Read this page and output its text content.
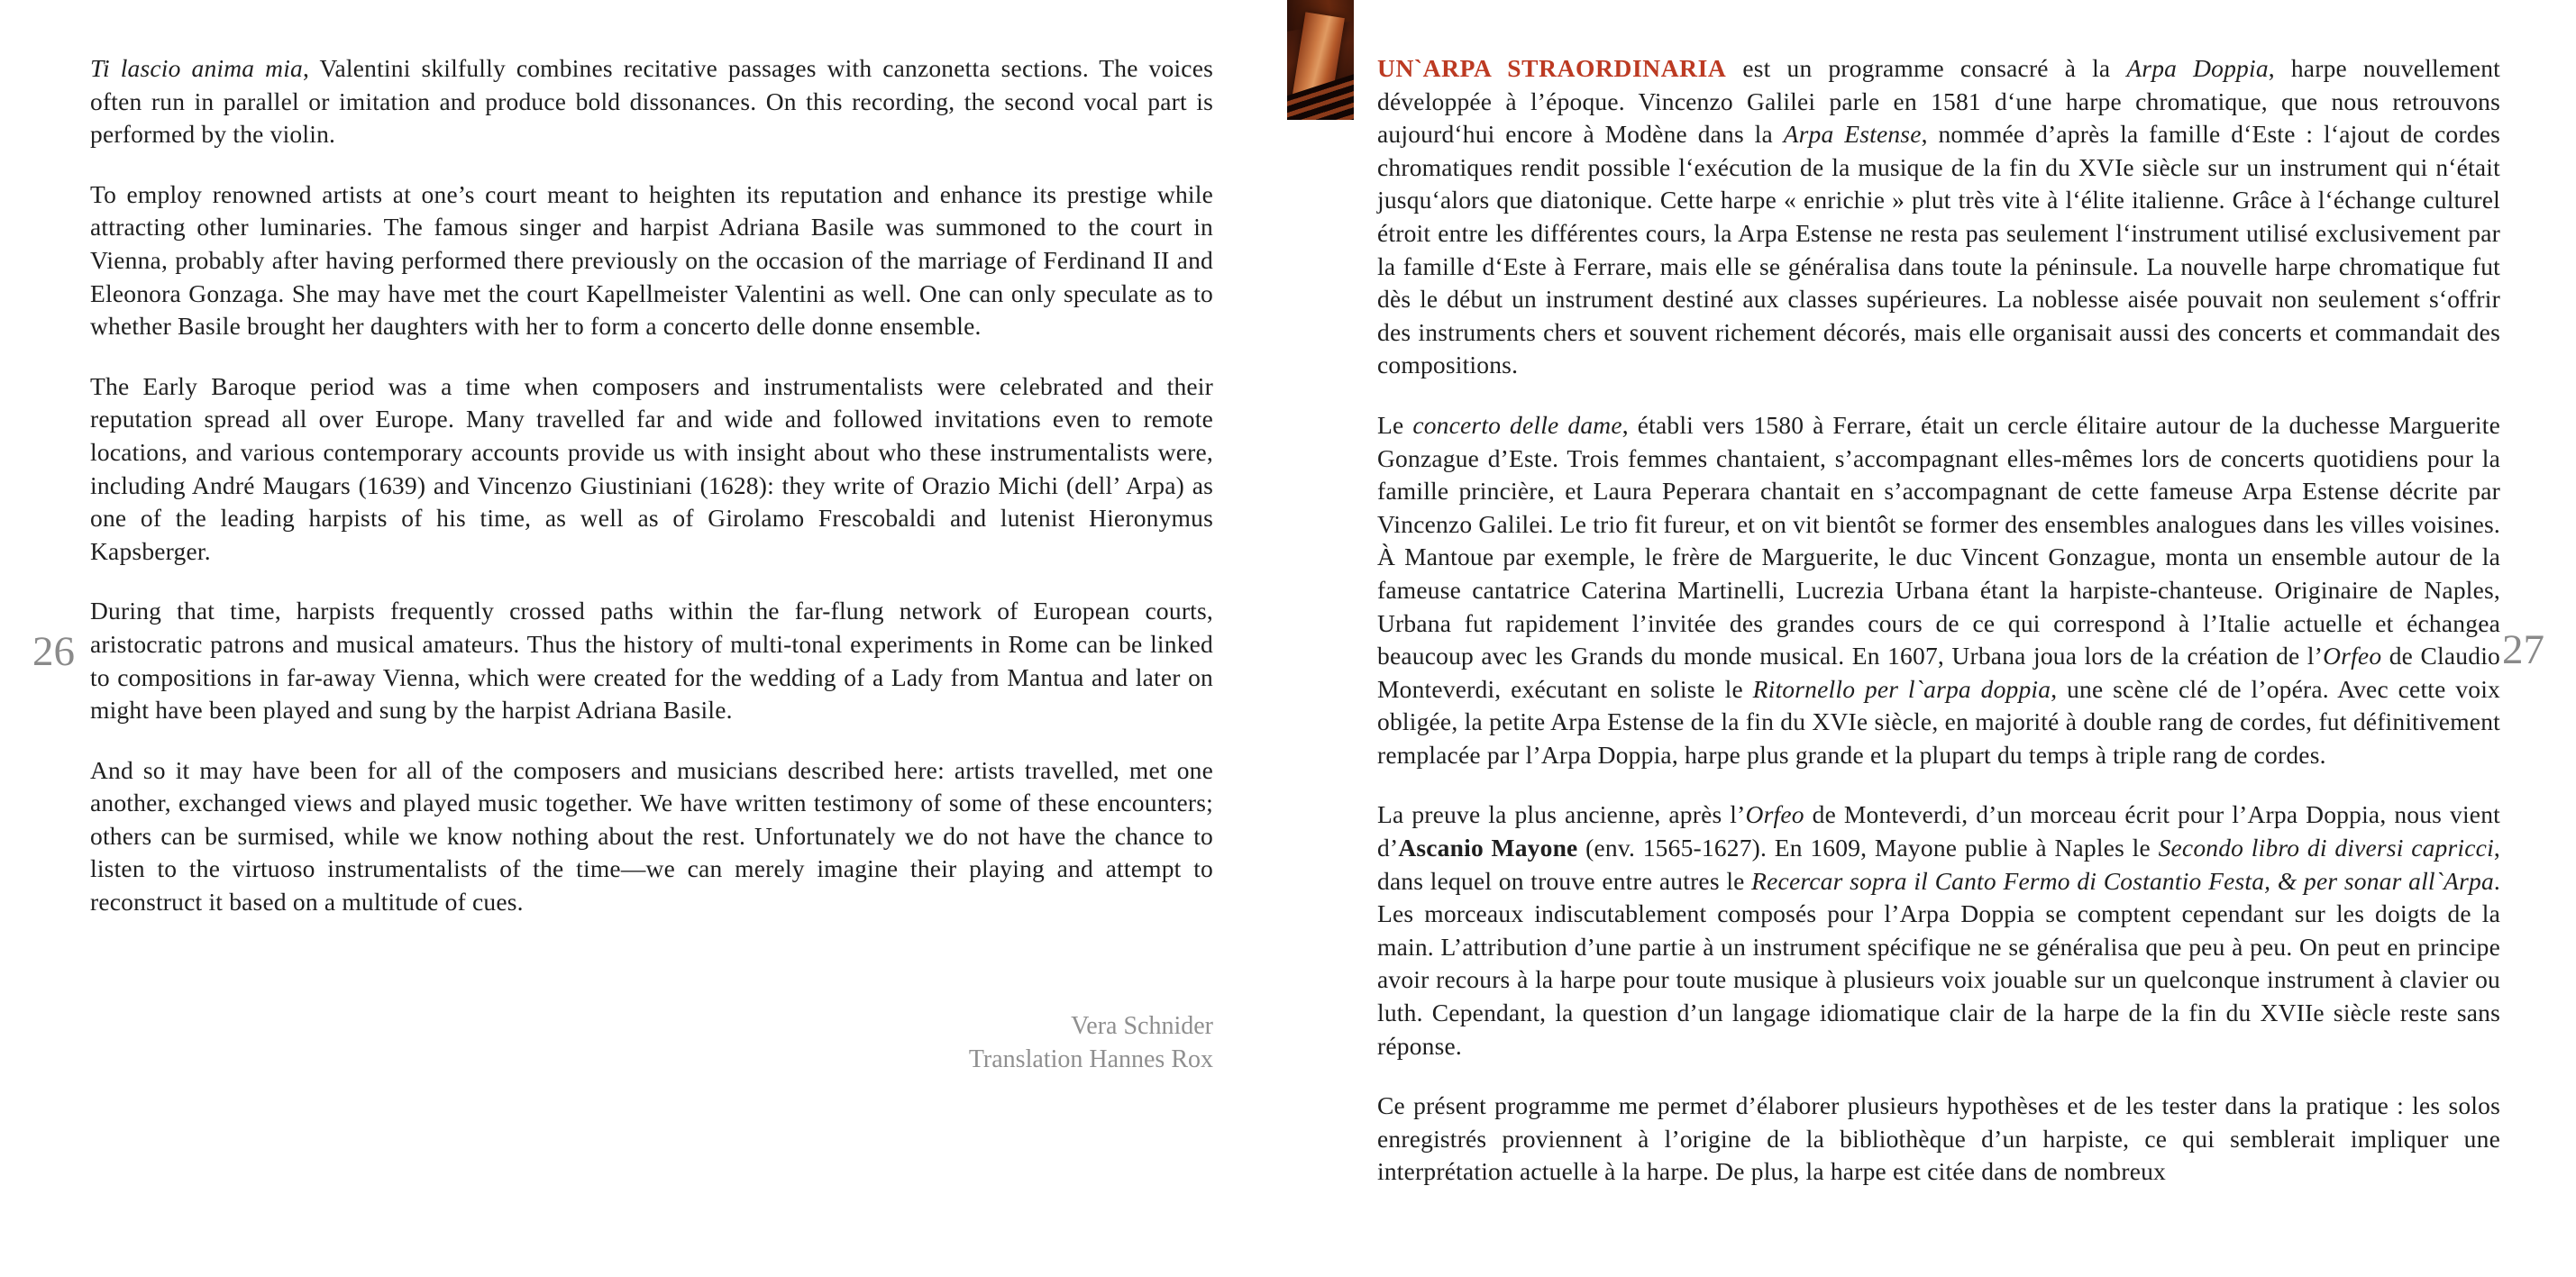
26

Ti lascio anima mia, Valentini skilfully combines recitative passages with canzonetta sections. The voices often run in parallel or imitation and produce bold dissonances. On this recording, the second vocal part is performed by the violin.

To employ renowned artists at one’s court meant to heighten its reputation and enhance its prestige while attracting other luminaries. The famous singer and harpist Adriana Basile was summoned to the court in Vienna, probably after having performed there previously on the occasion of the marriage of Ferdinand II and Eleonora Gonzaga. She may have met the court Kapellmeister Valentini as well. One can only speculate as to whether Basile brought her daughters with her to form a concerto delle donne ensemble.

The Early Baroque period was a time when composers and instrumentalists were celebrated and their reputation spread all over Europe. Many travelled far and wide and followed invitations even to remote locations, and various contemporary accounts provide us with insight about who these instrumentalists were, including André Maugars (1639) and Vincenzo Giustiniani (1628): they write of Orazio Michi (dell’ Arpa) as one of the leading harpists of his time, as well as of Girolamo Frescobaldi and lutenist Hieronymus Kapsberger.

During that time, harpists frequently crossed paths within the far-flung network of European courts, aristocratic patrons and musical amateurs. Thus the history of multi-tonal experiments in Rome can be linked to compositions in far-away Vienna, which were created for the wedding of a Lady from Mantua and later on might have been played and sung by the harpist Adriana Basile.

And so it may have been for all of the composers and musicians described here: artists travelled, met one another, exchanged views and played music together. We have written testimony of some of these encounters; others can be surmised, while we know nothing about the rest. Unfortunately we do not have the chance to listen to the virtuoso instrumentalists of the time—we can merely imagine their playing and attempt to reconstruct it based on a multitude of cues.

Vera Schnider
Translation Hannes Rox
27

UN`ARPA STRAORDINARIA est un programme consacré à la Arpa Doppia, harpe nouvellement développée à l’époque. Vincenzo Galilei parle en 1581 d‘une harpe chromatique, que nous retrouvons aujourd‘hui encore à Modène dans la Arpa Estense, nommée d’après la famille d‘Este : l‘ajout de cordes chromatiques rendit possible l‘exécution de la musique de la fin du XVIe siècle sur un instrument qui n‘était jusqu‘alors que diatonique. Cette harpe « enrichie » plut très vite à l‘élite italienne. Grâce à l‘échange culturel étroit entre les différentes cours, la Arpa Estense ne resta pas seulement l‘instrument utilisé exclusivement par la famille d‘Este à Ferrare, mais elle se généralisa dans toute la péninsule. La nouvelle harpe chromatique fut dès le début un instrument destiné aux classes supérieures. La noblesse aisée pouvait non seulement s‘offrir des instruments chers et souvent richement décorés, mais elle organisait aussi des concerts et commandait des compositions.

Le concerto delle dame, établi vers 1580 à Ferrare, était un cercle élitaire autour de la duchesse Marguerite Gonzague d’Este. Trois femmes chantaient, s’accompagnant elles-mêmes lors de concerts quotidiens pour la famille princière, et Laura Peperara chantait en s’accompagnant de cette fameuse Arpa Estense décrite par Vincenzo Galilei. Le trio fit fureur, et on vit bientôt se former des ensembles analogues dans les villes voisines. À Mantoue par exemple, le frère de Marguerite, le duc Vincent Gonzague, monta un ensemble autour de la fameuse cantatrice Caterina Martinelli, Lucrezia Urbana étant la harpiste-chanteuse. Originaire de Naples, Urbana fut rapidement l’invitée des grandes cours de ce qui correspond à l’Italie actuelle et échangea beaucoup avec les Grands du monde musical. En 1607, Urbana joua lors de la création de l’Orfeo de Claudio Monteverdi, exécutant en soliste le Ritornello per l`arpa doppia, une scène clé de l’opéra. Avec cette voix obligée, la petite Arpa Estense de la fin du XVIe siècle, en majorité à double rang de cordes, fut définitivement remplacée par l’Arpa Doppia, harpe plus grande et la plupart du temps à triple rang de cordes.

La preuve la plus ancienne, après l’Orfeo de Monteverdi, d’un morceau écrit pour l’Arpa Doppia, nous vient d’Ascanio Mayone (env. 1565-1627). En 1609, Mayone publie à Naples le Secondo libro di diversi capricci, dans lequel on trouve entre autres le Recercar sopra il Canto Fermo di Costantio Festa, & per sonar all`Arpa. Les morceaux indiscutablement composés pour l’Arpa Doppia se comptent cependant sur les doigts de la main. L’attribution d’une partie à un instrument spécifique ne se généralisa que peu à peu. On peut en principe avoir recours à la harpe pour toute musique à plusieurs voix jouable sur un quelconque instrument à clavier ou luth. Cependant, la question d’un langage idiomatique clair de la harpe de la fin du XVIIe siècle reste sans réponse.

Ce présent programme me permet d’élaborer plusieurs hypothèses et de les tester dans la pratique : les solos enregistrés proviennent à l’origine de la bibliothèque d’un harpiste, ce qui semblerait impliquer une interprétation actuelle à la harpe. De plus, la harpe est citée dans de nombreux
